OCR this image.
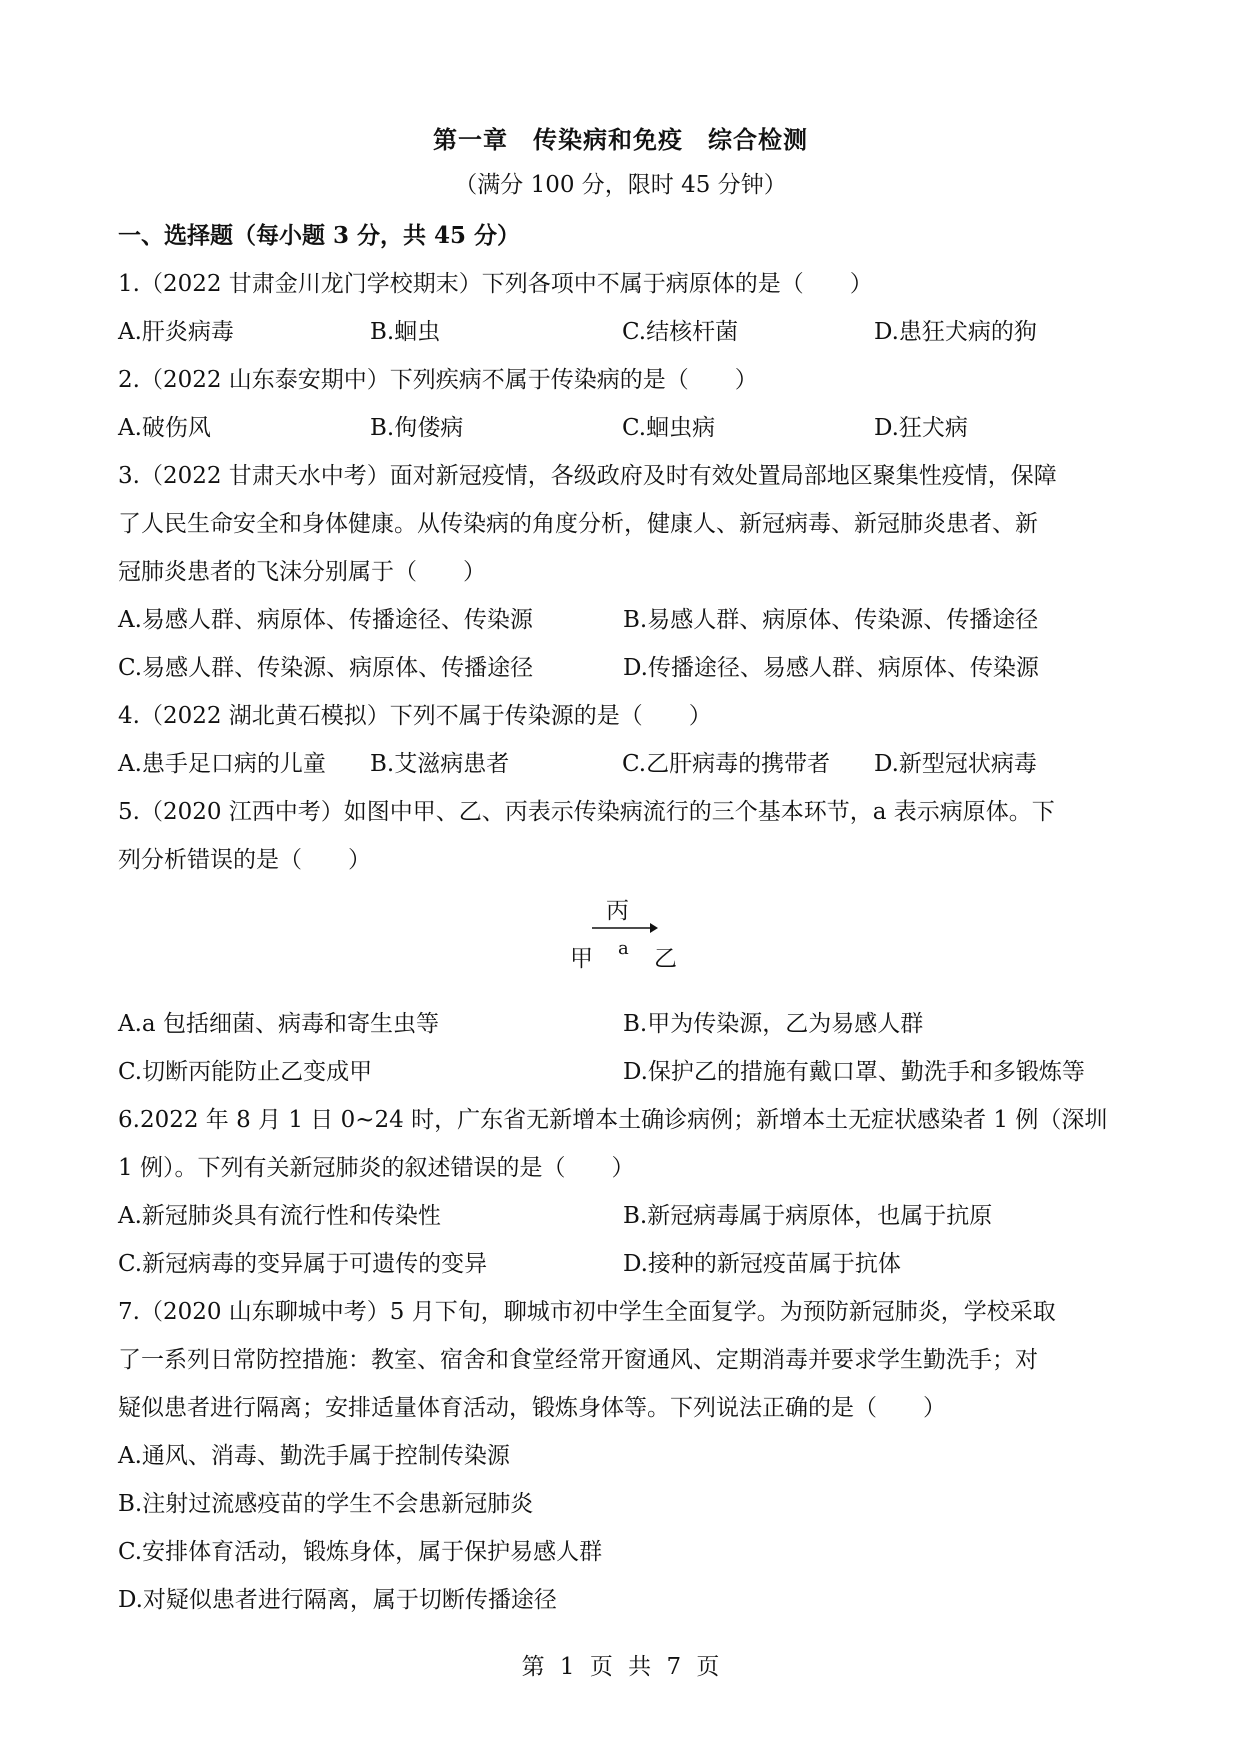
第一章　传染病和免疫　综合检测
（满分 100 分，限时 45 分钟）
一、选择题（每小题 3 分，共 45 分）
1.（2022 甘肃金川龙门学校期末）下列各项中不属于病原体的是（　　）
A.肝炎病毒	B.蛔虫	C.结核杆菌	D.患狂犬病的狗
2.（2022 山东泰安期中）下列疾病不属于传染病的是（　　）
A.破伤风	B.佝偻病	C.蛔虫病	D.狂犬病
3.（2022 甘肃天水中考）面对新冠疫情，各级政府及时有效处置局部地区聚集性疫情，保障
了人民生命安全和身体健康。从传染病的角度分析，健康人、新冠病毒、新冠肺炎患者、新
冠肺炎患者的飞沫分别属于（　　）
A.易感人群、病原体、传播途径、传染源	B.易感人群、病原体、传染源、传播途径
C.易感人群、传染源、病原体、传播途径	D.传播途径、易感人群、病原体、传染源
4.（2022 湖北黄石模拟）下列不属于传染源的是（　　）
A.患手足口病的儿童	B.艾滋病患者	C.乙肝病毒的携带者	D.新型冠状病毒
5.（2020 江西中考）如图中甲、乙、丙表示传染病流行的三个基本环节，a 表示病原体。下
列分析错误的是（　　）
丙
甲 a 乙
A.a 包括细菌、病毒和寄生虫等	B.甲为传染源，乙为易感人群
C.切断丙能防止乙变成甲	D.保护乙的措施有戴口罩、勤洗手和多锻炼等
6.2022 年 8 月 1 日 0~24 时，广东省无新增本土确诊病例；新增本土无症状感染者 1 例（深圳
1 例）。下列有关新冠肺炎的叙述错误的是（　　）
A.新冠肺炎具有流行性和传染性	B.新冠病毒属于病原体，也属于抗原
C.新冠病毒的变异属于可遗传的变异	D.接种的新冠疫苗属于抗体
7.（2020 山东聊城中考）5 月下旬，聊城市初中学生全面复学。为预防新冠肺炎，学校采取
了一系列日常防控措施：教室、宿舍和食堂经常开窗通风、定期消毒并要求学生勤洗手；对
疑似患者进行隔离；安排适量体育活动，锻炼身体等。下列说法正确的是（　　）
A.通风、消毒、勤洗手属于控制传染源
B.注射过流感疫苗的学生不会患新冠肺炎
C.安排体育活动，锻炼身体，属于保护易感人群
D.对疑似患者进行隔离，属于切断传播途径
第 1 页 共 7 页
